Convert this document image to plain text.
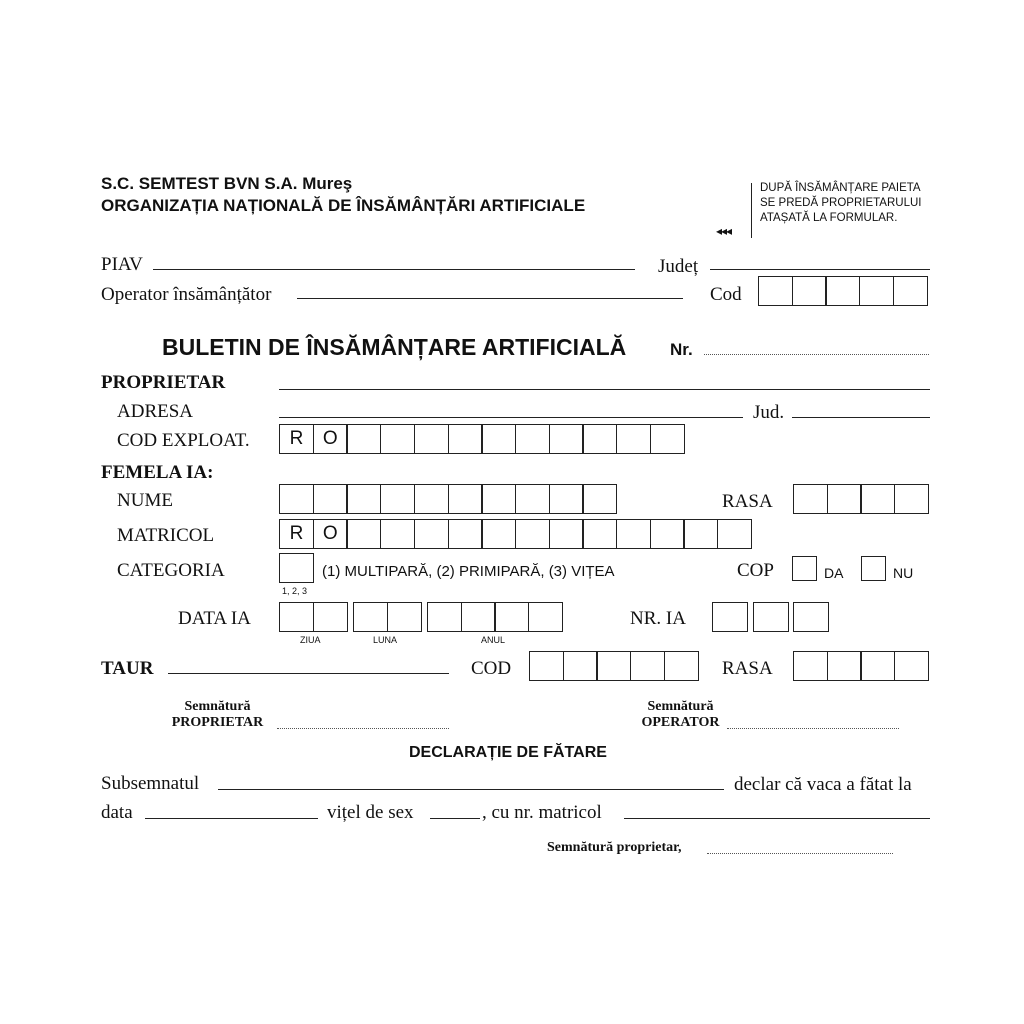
S.C. SEMTEST BVN S.A. Mureş
ORGANIZAȚIA NAȚIONALĂ DE ÎNSĂMÂNȚĂRI ARTIFICIALE
◂◂◂
DUPĂ ÎNSĂMÂNȚARE PAIETA
SE PREDĂ PROPRIETARULUI
ATAȘATĂ LA FORMULAR.
PIAV	Județ
Operator însămânțător	Cod
BULETIN DE ÎNSĂMÂNȚARE ARTIFICIALĂ	Nr.
PROPRIETAR
ADRESA	Jud.
COD EXPLOAT.	R	O
FEMELA IA:
NUME	RASA
MATRICOL	R	O
CATEGORIA
1, 2, 3
(1) MULTIPARĂ, (2) PRIMIPARĂ, (3) VIȚEA	COP	DA	NU
DATA IA
ZIUA	LUNA	ANUL
NR. IA
TAUR	COD	RASA
Semnătură
PROPRIETAR
Semnătură
OPERATOR
DECLARAȚIE DE FĂTARE
Subsemnatul	declar că vaca a fătat la
data	vițel de sex	, cu nr. matricol
Semnătură proprietar,
